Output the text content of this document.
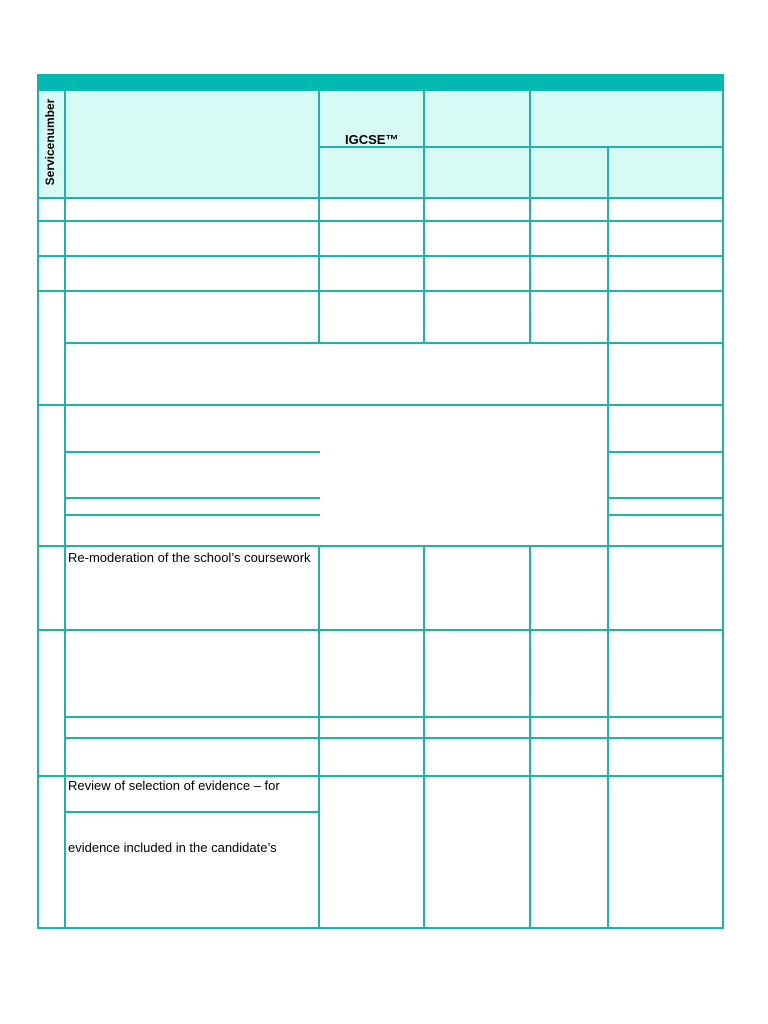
Servicenumber	IGCSE™
Re-moderation of the school’s coursework
Review of selection of evidence – for
evidence included in the candidate’s
